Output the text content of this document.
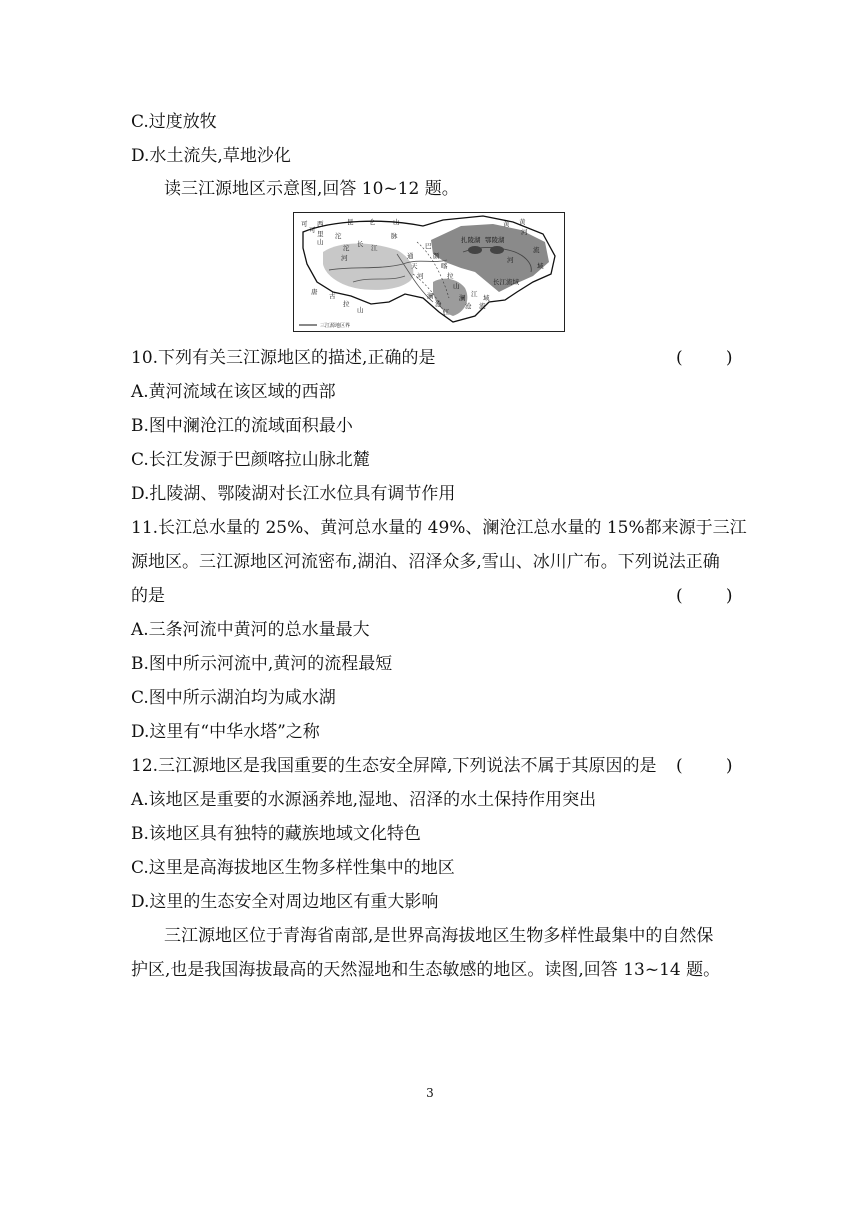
C.过度放牧
D.水土流失,草地沙化
读三江源地区示意图,回答 10~12 题。
可
可
西
里
山
昆 仑	山
脉
长 江
沱
沱
河
唐 古
拉
山
巴
颜
喀
拉
山
通
天
河
澜
沧
江
扎陵湖 鄂陵湖
黄
河
黄
河
流
域
长江流域
澜
沧
江
流
域
三江源地区界
10.下列有关三江源地区的描述,正确的是	(        )
A.黄河流域在该区域的西部
B.图中澜沧江的流域面积最小
C.长江发源于巴颜喀拉山脉北麓
D.扎陵湖、鄂陵湖对长江水位具有调节作用
11.长江总水量的 25%、黄河总水量的 49%、澜沧江总水量的 15%都来源于三江
源地区。三江源地区河流密布,湖泊、沼泽众多,雪山、冰川广布。下列说法正确
的是	(        )
A.三条河流中黄河的总水量最大
B.图中所示河流中,黄河的流程最短
C.图中所示湖泊均为咸水湖
D.这里有“中华水塔”之称
12.三江源地区是我国重要的生态安全屏障,下列说法不属于其原因的是 (        )
A.该地区是重要的水源涵养地,湿地、沼泽的水土保持作用突出
B.该地区具有独特的藏族地域文化特色
C.这里是高海拔地区生物多样性集中的地区
D.这里的生态安全对周边地区有重大影响
三江源地区位于青海省南部,是世界高海拔地区生物多样性最集中的自然保
护区,也是我国海拔最高的天然湿地和生态敏感的地区。读图,回答 13~14 题。
3
